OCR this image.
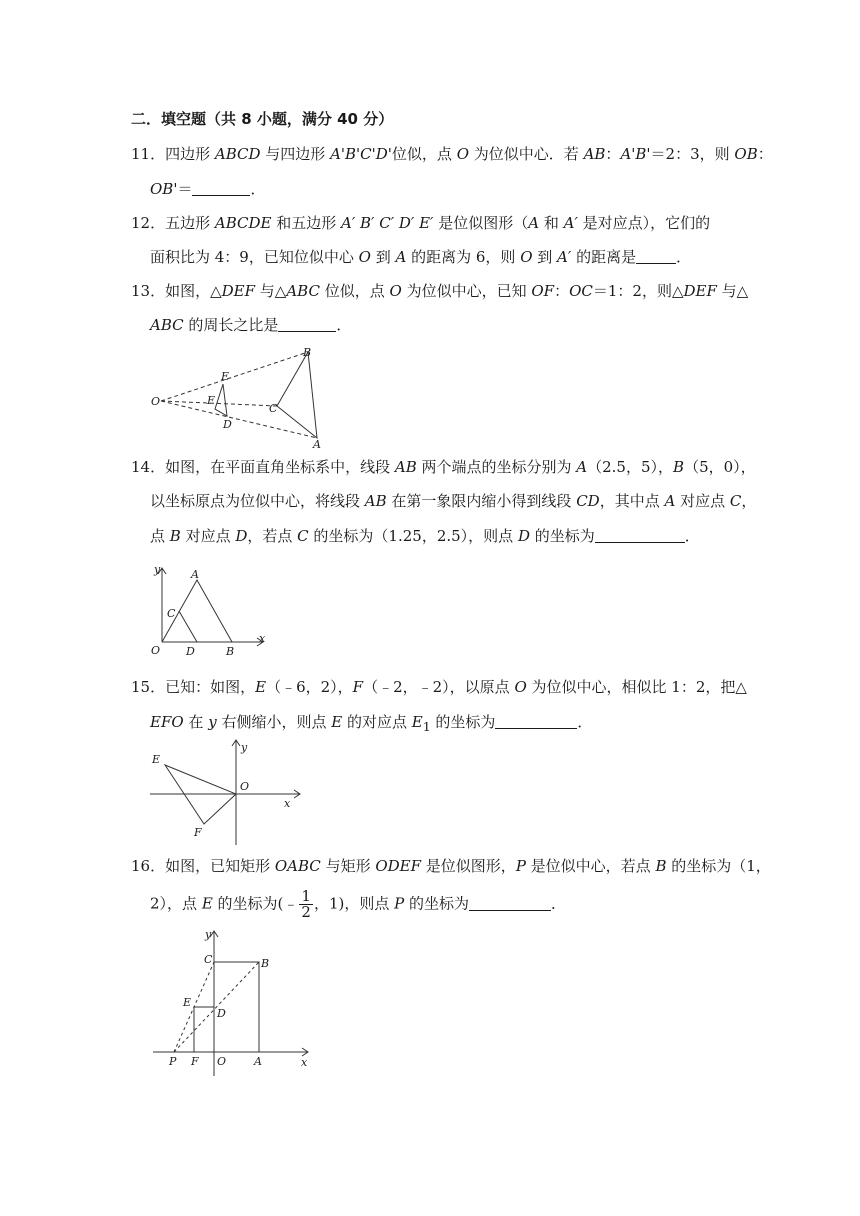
二．填空题（共 8 小题，满分 40 分）
11．四边形 ABCD 与四边形 A'B'C'D'位似，点 O 为位似中心．若 AB：A'B'＝2：3，则 OB：
OB'＝	．
12．五边形 ABCDE 和五边形 A′ B′ C′ D′ E′ 是位似图形（A 和 A′ 是对应点），它们的
面积比为 4：9，已知位似中心 O 到 A 的距离为 6，则 O 到 A′ 的距离是	．
13．如图，△DEF 与△ABC 位似，点 O 为位似中心，已知 OF：OC＝1：2，则△DEF 与△
ABC 的周长之比是	．
O
E
F
D
C
B
A
14．如图，在平面直角坐标系中，线段 AB 两个端点的坐标分别为 A（2.5，5），B（5，0），
以坐标原点为位似中心，将线段 AB 在第一象限内缩小得到线段 CD，其中点 A 对应点 C，
点 B 对应点 D，若点 C 的坐标为（1.25，2.5），则点 D 的坐标为	．
y
x
A
C
O D	B
15．已知：如图，E（﹣6，2），F（﹣2，﹣2），以原点 O 为位似中心，相似比 1：2，把△
EFO 在 y 右侧缩小，则点 E 的对应点 $E_1$ 的坐标为	．
y
x
E
O
F
16．如图，已知矩形 OABC 与矩形 ODEF 是位似图形，P 是位似中心，若点 B 的坐标为（1，
2），点 E 的坐标为(﹣ $\frac{1}{2}$ ，1)，则点 P 的坐标为	．
y
x
C	B
E
D
P F O	A
